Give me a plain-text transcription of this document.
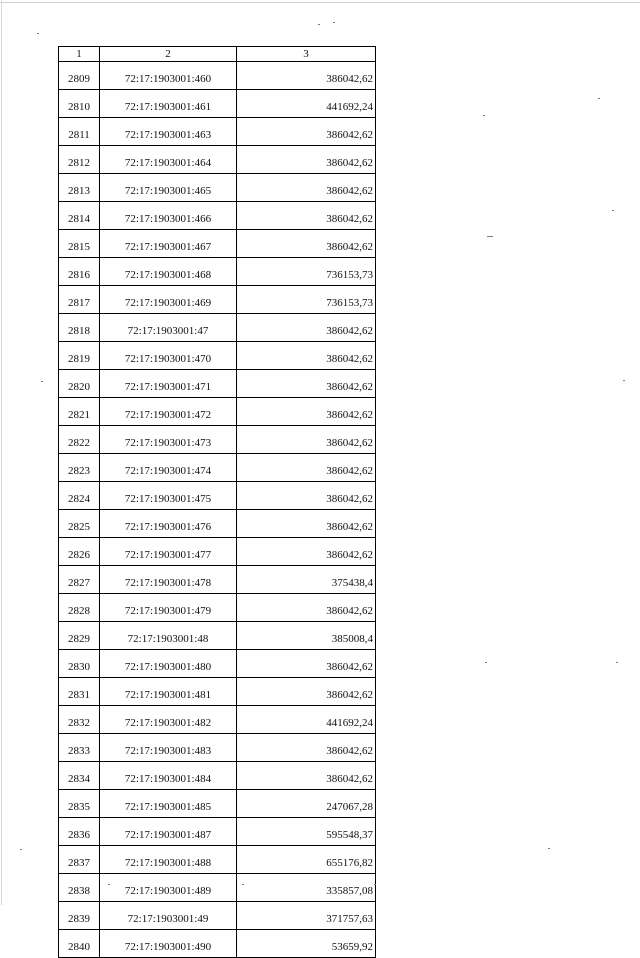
1	2	3
2809	72:17:1903001:460	386042,62
2810	72:17:1903001:461	441692,24
2811	72:17:1903001:463	386042,62
2812	72:17:1903001:464	386042,62
2813	72:17:1903001:465	386042,62
2814	72:17:1903001:466	386042,62
2815	72:17:1903001:467	386042,62
2816	72:17:1903001:468	736153,73
2817	72:17:1903001:469	736153,73
2818	72:17:1903001:47	386042,62
2819	72:17:1903001:470	386042,62
2820	72:17:1903001:471	386042,62
2821	72:17:1903001:472	386042,62
2822	72:17:1903001:473	386042,62
2823	72:17:1903001:474	386042,62
2824	72:17:1903001:475	386042,62
2825	72:17:1903001:476	386042,62
2826	72:17:1903001:477	386042,62
2827	72:17:1903001:478	375438,4
2828	72:17:1903001:479	386042,62
2829	72:17:1903001:48	385008,4
2830	72:17:1903001:480	386042,62
2831	72:17:1903001:481	386042,62
2832	72:17:1903001:482	441692,24
2833	72:17:1903001:483	386042,62
2834	72:17:1903001:484	386042,62
2835	72:17:1903001:485	247067,28
2836	72:17:1903001:487	595548,37
2837	72:17:1903001:488	655176,82
2838	72:17:1903001:489	335857,08
2839	72:17:1903001:49	371757,63
2840	72:17:1903001:490	53659,92
